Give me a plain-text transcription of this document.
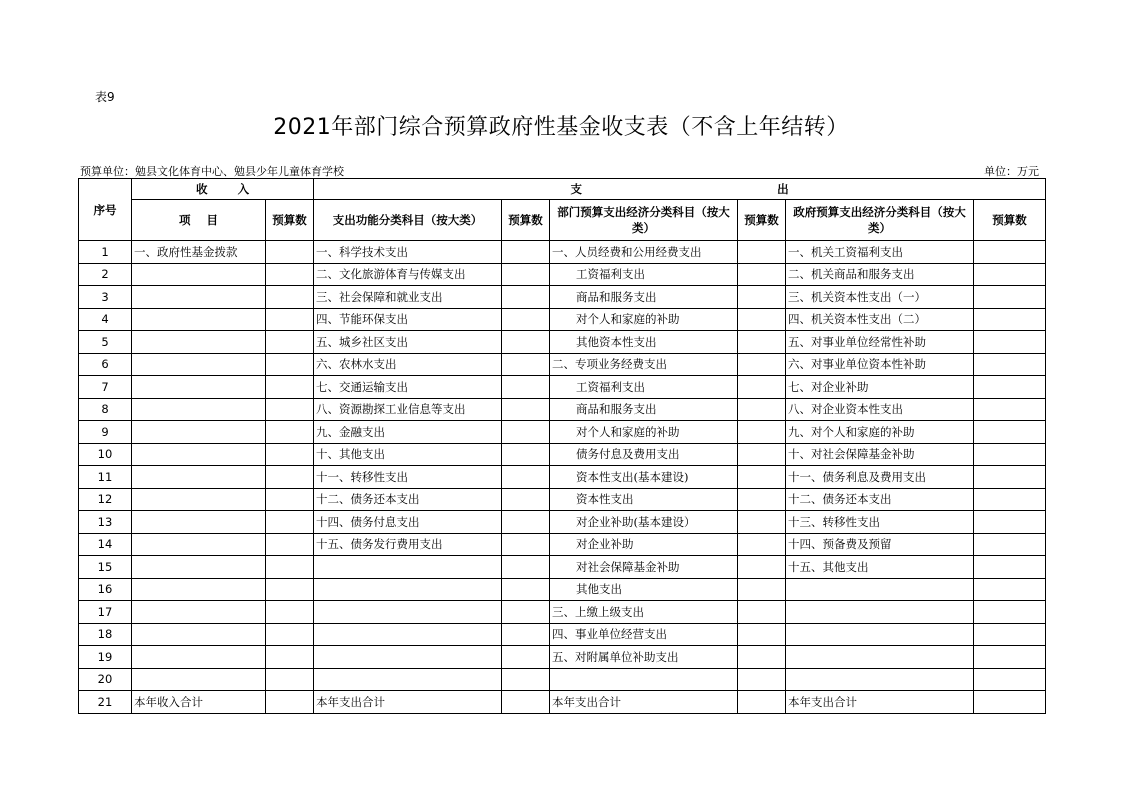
表9
2021年部门综合预算政府性基金收支表（不含上年结转）
预算单位：勉县文化体育中心、勉县少年儿童体育学校	单位：万元
序号	收 入		支 出					

	项 目	预算数	支出功能分类科目（按大类）	预算数	部门预算支出经济分类科目（按大类）	预算数	政府预算支出经济分类科目（按大类）	预算数
1	一、政府性基金拨款		一、科学技术支出		一、人员经费和公用经费支出		一、机关工资福利支出	
2			二、文化旅游体育与传媒支出		工资福利支出		二、机关商品和服务支出	
3			三、社会保障和就业支出		商品和服务支出		三、机关资本性支出（一）	
4			四、节能环保支出		对个人和家庭的补助		四、机关资本性支出（二）	
5			五、城乡社区支出		其他资本性支出		五、对事业单位经常性补助	
6			六、农林水支出		二、专项业务经费支出		六、对事业单位资本性补助	
7			七、交通运输支出		工资福利支出		七、对企业补助	
8			八、资源勘探工业信息等支出		商品和服务支出		八、对企业资本性支出	
9			九、金融支出		对个人和家庭的补助		九、对个人和家庭的补助	
10			十、其他支出		债务付息及费用支出		十、对社会保障基金补助	
11			十一、转移性支出		资本性支出(基本建设)		十一、债务利息及费用支出	
12			十二、债务还本支出		资本性支出		十二、债务还本支出	
13			十四、债务付息支出		对企业补助(基本建设）		十三、转移性支出	
14			十五、债务发行费用支出		对企业补助		十四、预备费及预留	
15					对社会保障基金补助		十五、其他支出	
16					其他支出			
17					三、上缴上级支出			
18					四、事业单位经营支出			
19					五、对附属单位补助支出			
20								
21	本年收入合计		本年支出合计		本年支出合计		本年支出合计	
